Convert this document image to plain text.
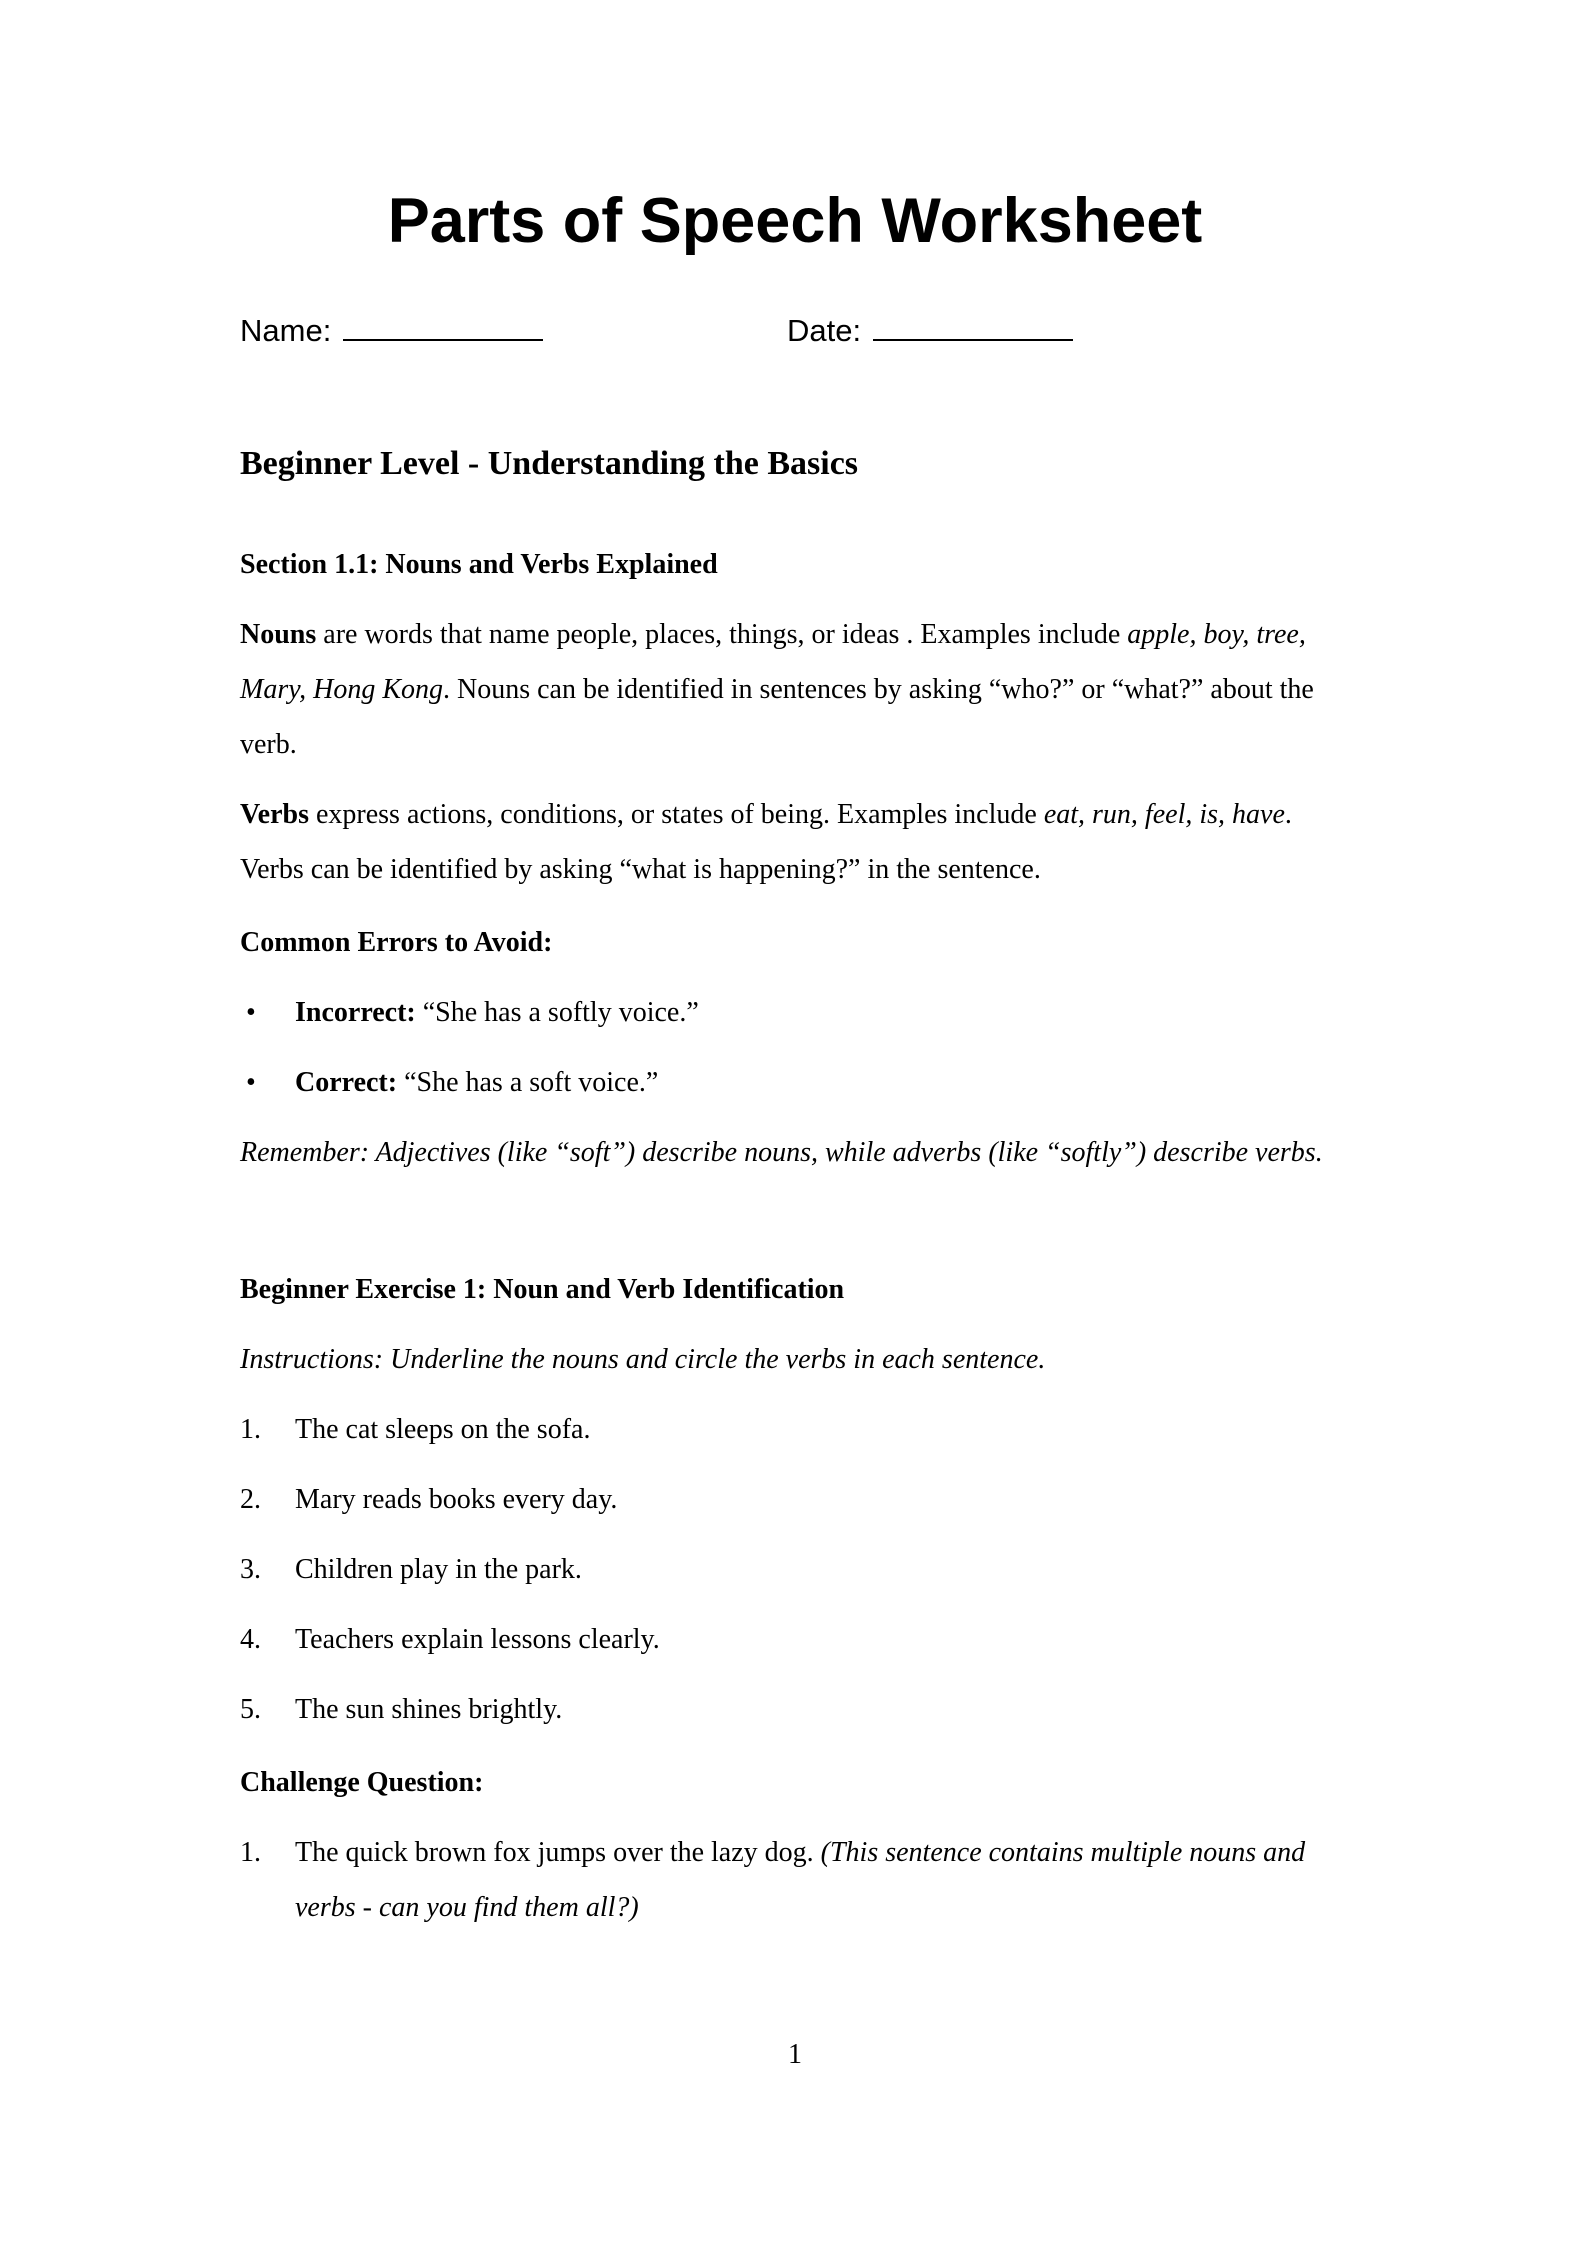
Parts of Speech Worksheet
Name:	Date:
Beginner Level - Understanding the Basics
Section 1.1: Nouns and Verbs Explained

Nouns are words that name people, places, things, or ideas . Examples include apple, boy, tree, Mary, Hong Kong. Nouns can be identified in sentences by asking “who?” or “what?” about the verb.

Verbs express actions, conditions, or states of being. Examples include eat, run, feel, is, have. Verbs can be identified by asking “what is happening?” in the sentence.

Common Errors to Avoid:

• Incorrect: “She has a softly voice.”
• Correct: “She has a soft voice.”

Remember: Adjectives (like “soft”) describe nouns, while adverbs (like “softly”) describe verbs.

Beginner Exercise 1: Noun and Verb Identification

Instructions: Underline the nouns and circle the verbs in each sentence.

1. The cat sleeps on the sofa.
2. Mary reads books every day.
3. Children play in the park.
4. Teachers explain lessons clearly.
5. The sun shines brightly.

Challenge Question:

1. The quick brown fox jumps over the lazy dog. (This sentence contains multiple nouns and verbs - can you find them all?)
1
